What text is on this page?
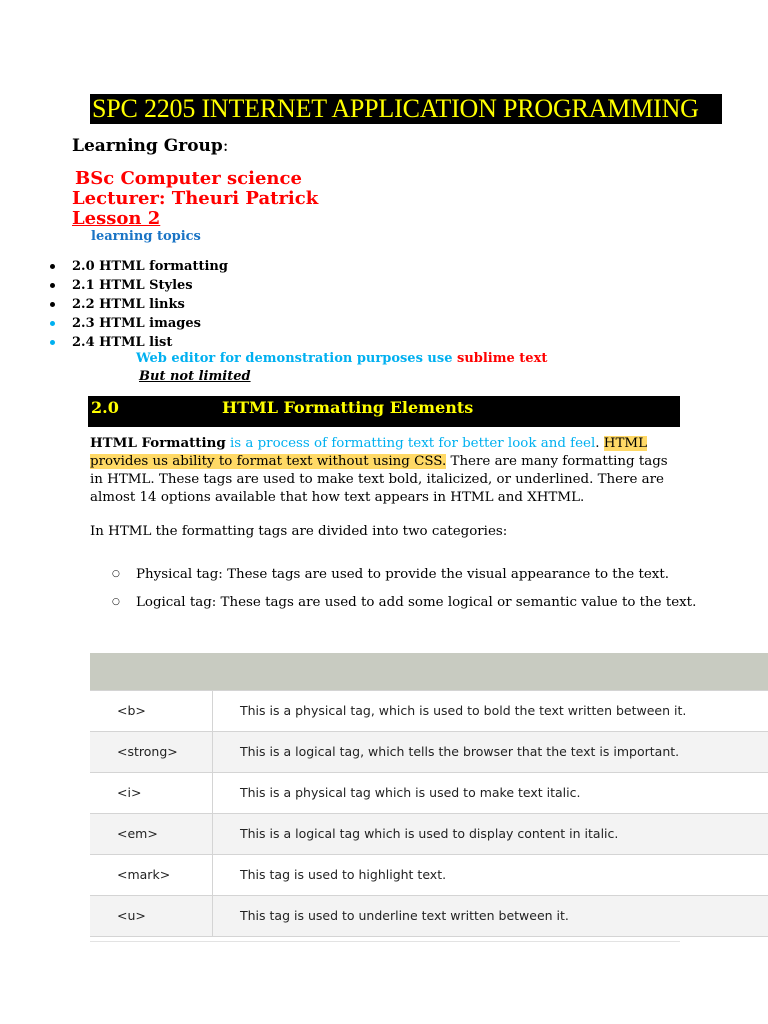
SPC 2205 INTERNET APPLICATION PROGRAMMING
Learning Group:
BSc Computer science
Lecturer: Theuri Patrick
Lesson 2
learning topics
2.0 HTML formatting
2.1 HTML Styles
2.2 HTML links
2.3 HTML images
2.4 HTML list
Web editor for demonstration purposes use sublime text
But not limited
2.0	HTML Formatting Elements
HTML Formatting is a process of formatting text for better look and feel. HTML provides us ability to format text without using CSS. There are many formatting tags in HTML. These tags are used to make text bold, italicized, or underlined. There are almost 14 options available that how text appears in HTML and XHTML.
In HTML the formatting tags are divided into two categories:
○ Physical tag: These tags are used to provide the visual appearance to the text.
○ Logical tag: These tags are used to add some logical or semantic value to the text.
<b>	This is a physical tag, which is used to bold the text written between it.
<strong>	This is a logical tag, which tells the browser that the text is important.
<i>	This is a physical tag which is used to make text italic.
<em>	This is a logical tag which is used to display content in italic.
<mark>	This tag is used to highlight text.
<u>	This tag is used to underline text written between it.
